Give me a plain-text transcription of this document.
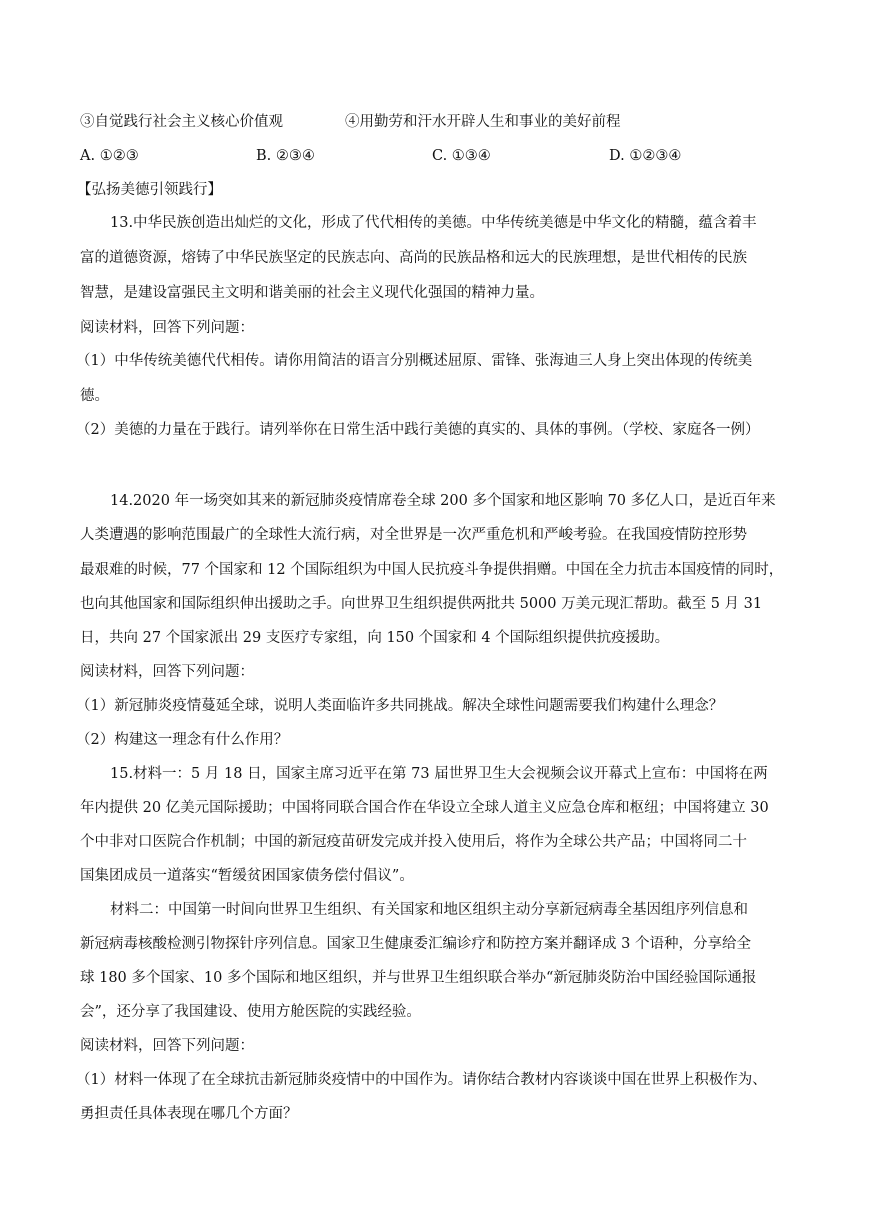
③自觉践行社会主义核心价值观	④用勤劳和汗水开辟人生和事业的美好前程
A. ①②③	B. ②③④	C. ①③④	D. ①②③④
【弘扬美德引领践行】
13.中华民族创造出灿烂的文化，形成了代代相传的美德。中华传统美德是中华文化的精髓，蕴含着丰
富的道德资源，熔铸了中华民族坚定的民族志向、高尚的民族品格和远大的民族理想，是世代相传的民族
智慧，是建设富强民主文明和谐美丽的社会主义现代化强国的精神力量。
阅读材料，回答下列问题：
（1）中华传统美德代代相传。请你用简洁的语言分别概述屈原、雷锋、张海迪三人身上突出体现的传统美
德。
（2）美德的力量在于践行。请列举你在日常生活中践行美德的真实的、具体的事例。（学校、家庭各一例）
14.2020 年一场突如其来的新冠肺炎疫情席卷全球 200 多个国家和地区影响 70 多亿人口，是近百年来
人类遭遇的影响范围最广的全球性大流行病，对全世界是一次严重危机和严峻考验。在我国疫情防控形势
最艰难的时候，77 个国家和 12 个国际组织为中国人民抗疫斗争提供捐赠。中国在全力抗击本国疫情的同时，
也向其他国家和国际组织伸出援助之手。向世界卫生组织提供两批共 5000 万美元现汇帮助。截至 5 月 31
日，共向 27 个国家派出 29 支医疗专家组，向 150 个国家和 4 个国际组织提供抗疫援助。
阅读材料，回答下列问题：
（1）新冠肺炎疫情蔓延全球，说明人类面临许多共同挑战。解决全球性问题需要我们构建什么理念？
（2）构建这一理念有什么作用？
15.材料一：5 月 18 日，国家主席习近平在第 73 届世界卫生大会视频会议开幕式上宣布：中国将在两
年内提供 20 亿美元国际援助；中国将同联合国合作在华设立全球人道主义应急仓库和枢纽；中国将建立 30
个中非对口医院合作机制；中国的新冠疫苗研发完成并投入使用后，将作为全球公共产品；中国将同二十
国集团成员一道落实“暂缓贫困国家债务偿付倡议”。
材料二：中国第一时间向世界卫生组织、有关国家和地区组织主动分享新冠病毒全基因组序列信息和
新冠病毒核酸检测引物探针序列信息。国家卫生健康委汇编诊疗和防控方案并翻译成 3 个语种，分享给全
球 180 多个国家、10 多个国际和地区组织，并与世界卫生组织联合举办“新冠肺炎防治中国经验国际通报
会”，还分享了我国建设、使用方舱医院的实践经验。
阅读材料，回答下列问题：
（1）材料一体现了在全球抗击新冠肺炎疫情中的中国作为。请你结合教材内容谈谈中国在世界上积极作为、
勇担责任具体表现在哪几个方面？
